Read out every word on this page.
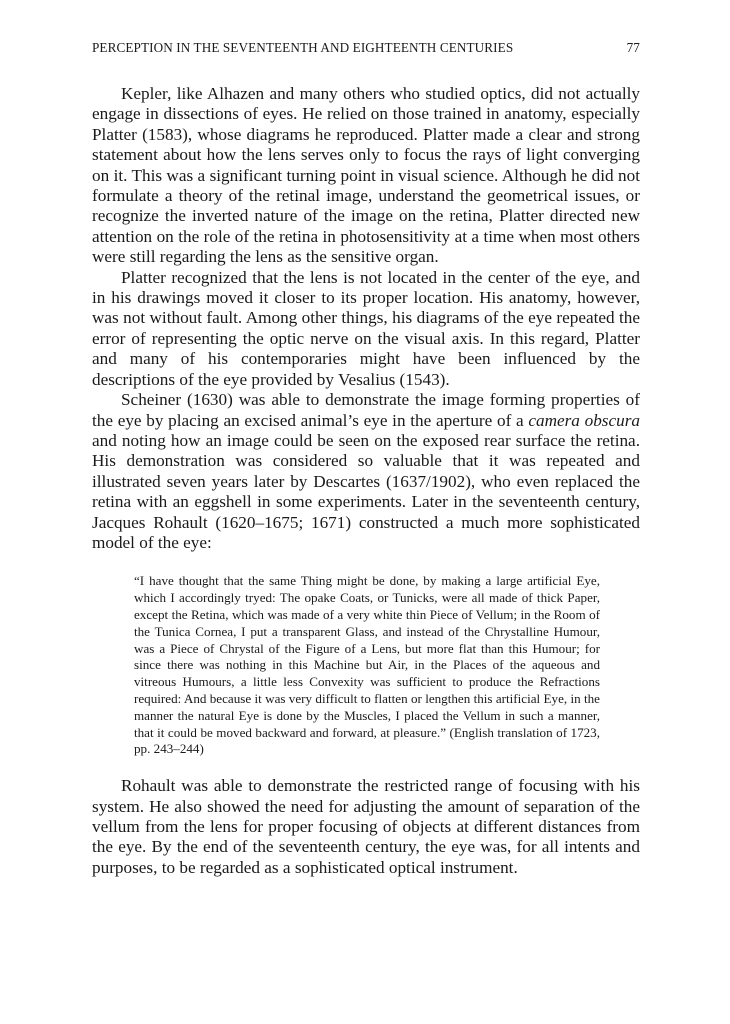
PERCEPTION IN THE SEVENTEENTH AND EIGHTEENTH CENTURIES	77

Kepler, like Alhazen and many others who studied optics, did not actually engage in dissections of eyes. He relied on those trained in anatomy, especially Platter (1583), whose diagrams he reproduced. Platter made a clear and strong statement about how the lens serves only to focus the rays of light converging on it. This was a significant turning point in visual science. Although he did not formulate a theory of the retinal image, understand the geometrical issues, or recognize the inverted nature of the image on the retina, Platter directed new attention on the role of the retina in photosensitivity at a time when most others were still regarding the lens as the sensitive organ.

Platter recognized that the lens is not located in the center of the eye, and in his drawings moved it closer to its proper location. His anatomy, however, was not without fault. Among other things, his diagrams of the eye repeated the error of representing the optic nerve on the visual axis. In this regard, Platter and many of his contemporaries might have been influenced by the descriptions of the eye provided by Vesalius (1543).

Scheiner (1630) was able to demonstrate the image forming properties of the eye by placing an excised animal’s eye in the aperture of a camera obscura and noting how an image could be seen on the exposed rear surface the retina. His demonstration was considered so valuable that it was repeated and illustrated seven years later by Descartes (1637/1902), who even replaced the retina with an eggshell in some experiments. Later in the seventeenth century, Jacques Rohault (1620–1675; 1671) constructed a much more sophisticated model of the eye:

“I have thought that the same Thing might be done, by making a large artificial Eye, which I accordingly tryed: The opake Coats, or Tunicks, were all made of thick Paper, except the Retina, which was made of a very white thin Piece of Vellum; in the Room of the Tunica Cornea, I put a transparent Glass, and instead of the Chrystalline Humour, was a Piece of Chrystal of the Figure of a Lens, but more flat than this Humour; for since there was nothing in this Machine but Air, in the Places of the aqueous and vitreous Humours, a little less Convexity was sufficient to produce the Refractions required: And because it was very difficult to flatten or lengthen this artificial Eye, in the manner the natural Eye is done by the Muscles, I placed the Vellum in such a manner, that it could be moved backward and forward, at pleasure.” (English translation of 1723, pp. 243–244)

Rohault was able to demonstrate the restricted range of focusing with his system. He also showed the need for adjusting the amount of separation of the vellum from the lens for proper focusing of objects at different distances from the eye. By the end of the seventeenth century, the eye was, for all intents and purposes, to be regarded as a sophisticated optical instrument.
